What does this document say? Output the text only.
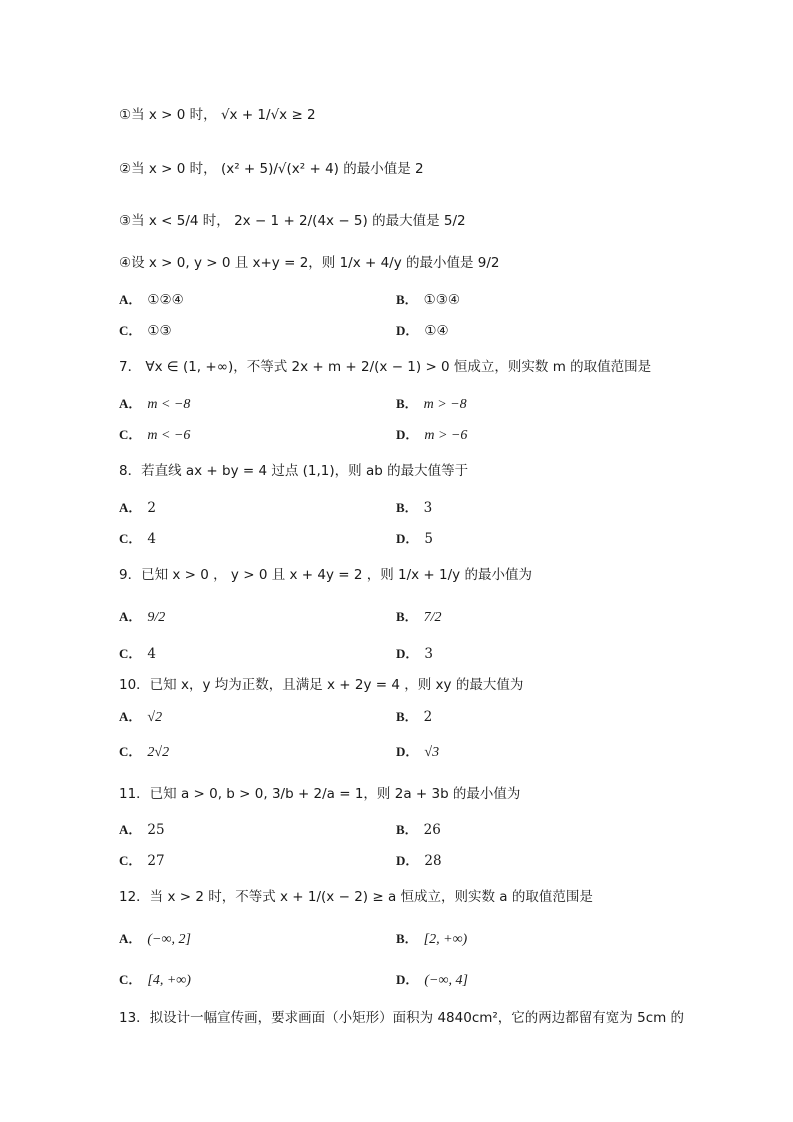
①当 x > 0 时， √x + 1/√x ≥ 2
②当 x > 0 时， (x² + 5)/√(x² + 4) 的最小值是 2
③当 x < 5/4 时， 2x − 1 + 2/(4x − 5) 的最大值是 5/2
④设 x > 0, y > 0 且 x+y = 2，则 1/x + 4/y 的最小值是 9/2
A． ①②④	B． ①③④
C． ①③	D． ①④
7． ∀x ∈ (1, +∞)，不等式 2x + m + 2/(x − 1) > 0 恒成立，则实数 m 的取值范围是
A． m < −8	B． m > −8
C． m < −6	D． m > −6
8．若直线 ax + by = 4 过点 (1,1)，则 ab 的最大值等于
A． 2	B． 3
C． 4	D． 5
9．已知 x > 0 ， y > 0 且 x + 4y = 2 ，则 1/x + 1/y 的最小值为
A． 9/2	B． 7/2
C． 4	D． 3
10．已知 x，y 均为正数，且满足 x + 2y = 4 ，则 xy 的最大值为
A． √2	B． 2
C． 2√2	D． √3
11．已知 a > 0, b > 0, 3/b + 2/a = 1，则 2a + 3b 的最小值为
A． 25	B． 26
C． 27	D． 28
12．当 x > 2 时，不等式 x + 1/(x − 2) ≥ a 恒成立，则实数 a 的取值范围是
A． (−∞, 2]	B． [2, +∞)
C． [4, +∞)	D． (−∞, 4]
13．拟设计一幅宣传画，要求画面（小矩形）面积为 4840cm²，它的两边都留有宽为 5cm 的
